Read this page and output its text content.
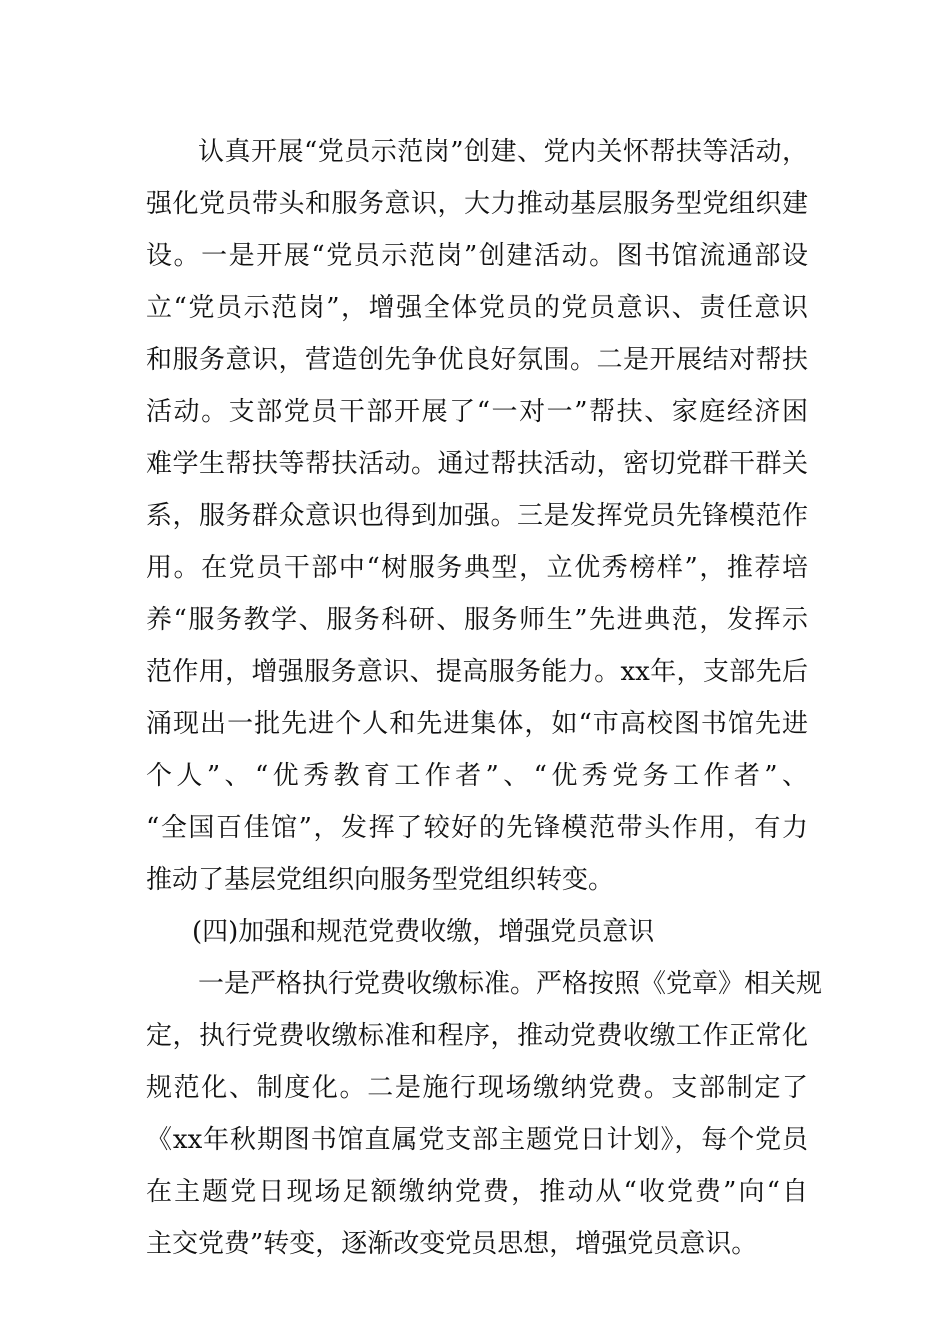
认真开展“党员示范岗”创建、党内关怀帮扶等活动，
强化党员带头和服务意识，大力推动基层服务型党组织建
设。一是开展“党员示范岗”创建活动。图书馆流通部设
立“党员示范岗”，增强全体党员的党员意识、责任意识
和服务意识，营造创先争优良好氛围。二是开展结对帮扶
活动。支部党员干部开展了“一对一”帮扶、家庭经济困
难学生帮扶等帮扶活动。通过帮扶活动，密切党群干群关
系，服务群众意识也得到加强。三是发挥党员先锋模范作
用。在党员干部中“树服务典型，立优秀榜样”，推荐培
养“服务教学、服务科研、服务师生”先进典范，发挥示
范作用，增强服务意识、提高服务能力。xx年，支部先后
涌现出一批先进个人和先进集体，如“市高校图书馆先进
个人”、“优秀教育工作者”、“优秀党务工作者”、
“全国百佳馆”，发挥了较好的先锋模范带头作用，有力
推动了基层党组织向服务型党组织转变。
(四)加强和规范党费收缴，增强党员意识
一是严格执行党费收缴标准。严格按照《党章》相关规
定，执行党费收缴标准和程序，推动党费收缴工作正常化
规范化、制度化。二是施行现场缴纳党费。支部制定了
《xx年秋期图书馆直属党支部主题党日计划》，每个党员
在主题党日现场足额缴纳党费，推动从“收党费”向“自
主交党费”转变，逐渐改变党员思想，增强党员意识。
